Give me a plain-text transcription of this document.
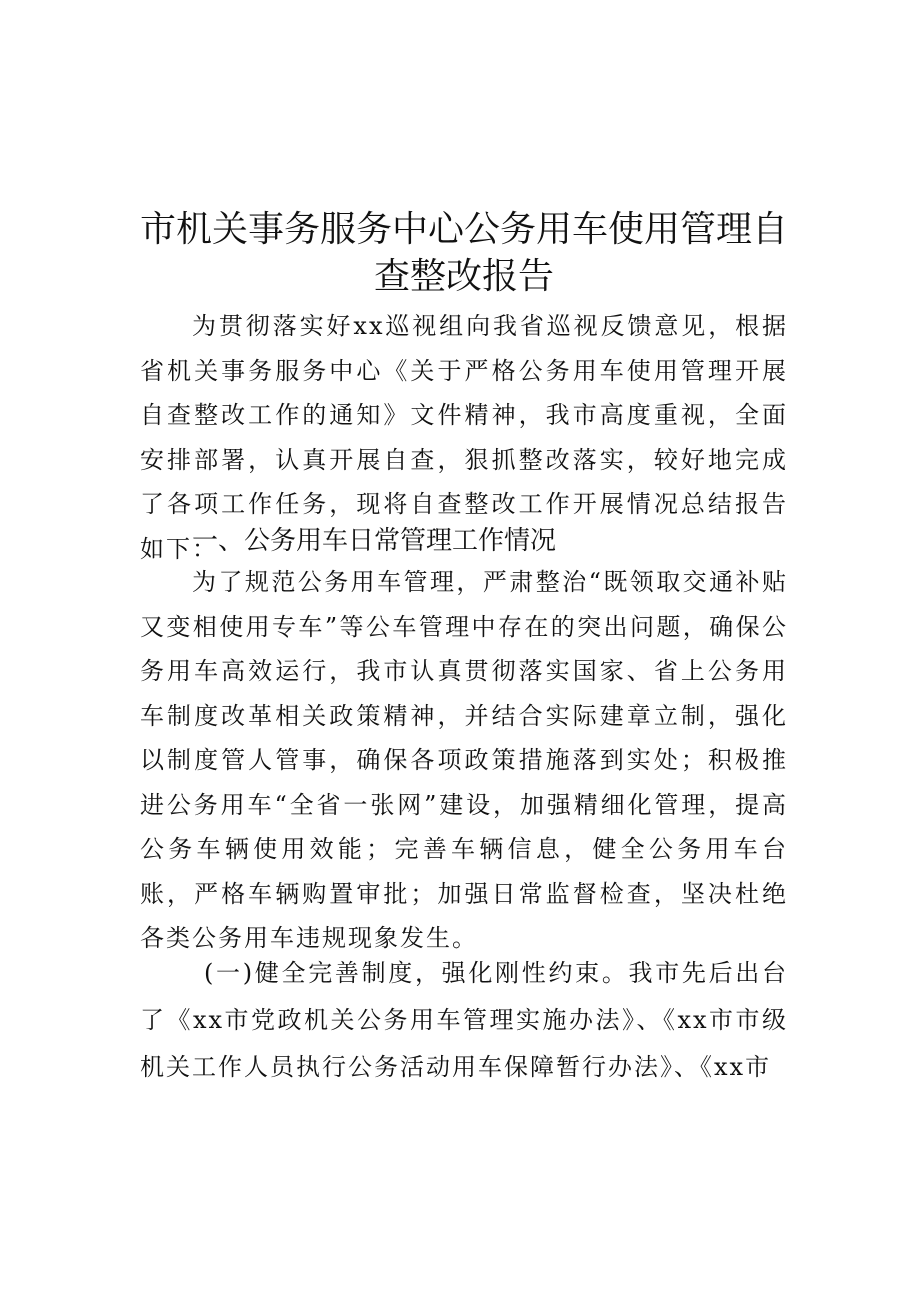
市机关事务服务中心公务用车使用管理自
查整改报告

为贯彻落实好xx巡视组向我省巡视反馈意见，根据省机关事务服务中心《关于严格公务用车使用管理开展自查整改工作的通知》文件精神，我市高度重视，全面安排部署，认真开展自查，狠抓整改落实，较好地完成了各项工作任务，现将自查整改工作开展情况总结报告如下：

一、公务用车日常管理工作情况

为了规范公务用车管理，严肃整治“既领取交通补贴又变相使用专车”等公车管理中存在的突出问题，确保公务用车高效运行，我市认真贯彻落实国家、省上公务用车制度改革相关政策精神，并结合实际建章立制，强化以制度管人管事，确保各项政策措施落到实处；积极推进公务用车“全省一张网”建设，加强精细化管理，提高公务车辆使用效能；完善车辆信息，健全公务用车台账，严格车辆购置审批；加强日常监督检查，坚决杜绝各类公务用车违规现象发生。

(一)健全完善制度，强化刚性约束。我市先后出台了《xx市党政机关公务用车管理实施办法》、《xx市市级机关工作人员执行公务活动用车保障暂行办法》、《xx市
